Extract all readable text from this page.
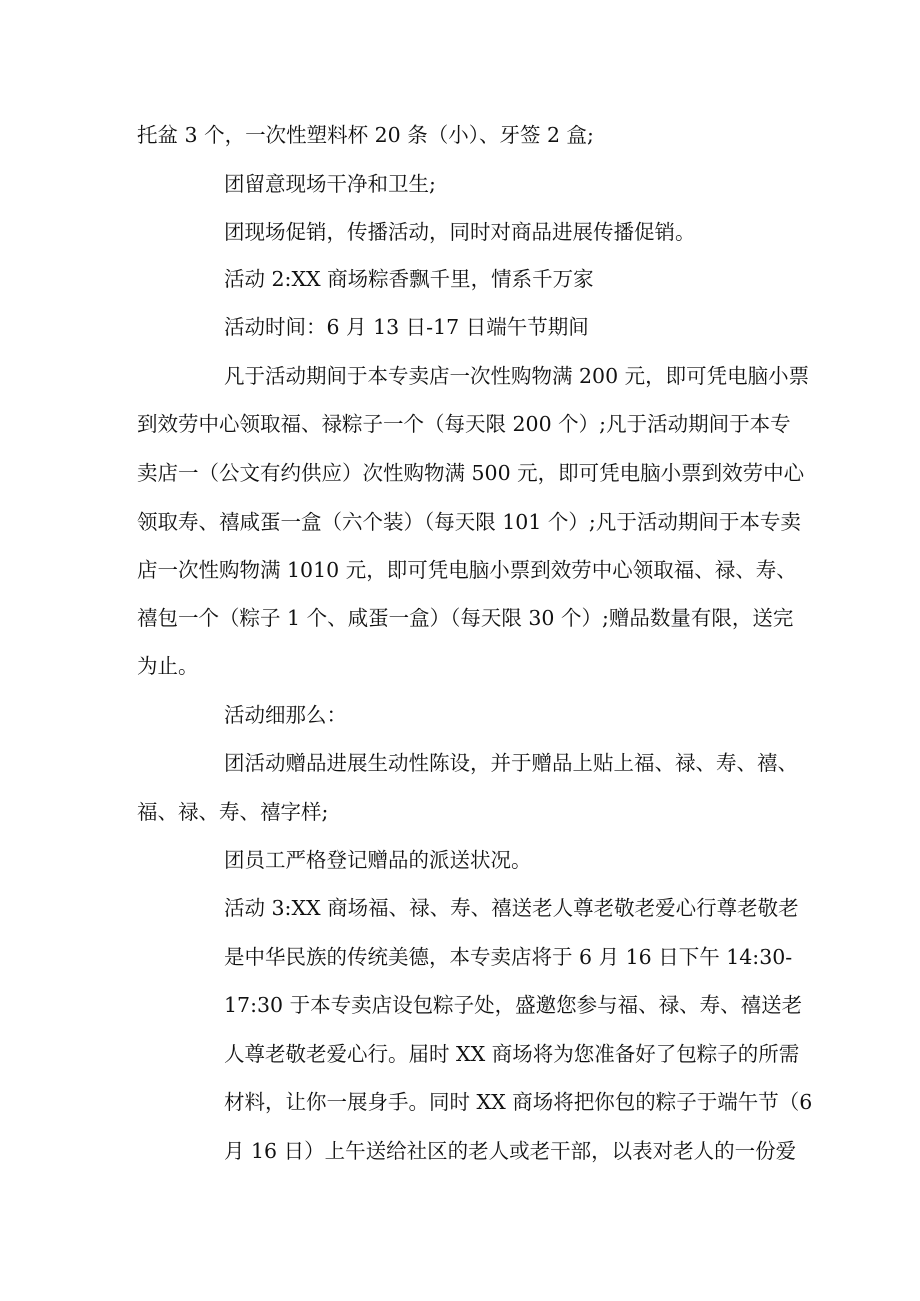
托盆 3 个，一次性塑料杯 20 条（小）、牙签 2 盒;
团留意现场干净和卫生;
团现场促销，传播活动，同时对商品进展传播促销。
活动 2:XX 商场粽香飘千里，情系千万家
活动时间：6 月 13 日-17 日端午节期间
凡于活动期间于本专卖店一次性购物满 200 元，即可凭电脑小票
到效劳中心领取福、禄粽子一个（每天限 200 个）;凡于活动期间于本专
卖店一（公文有约供应）次性购物满 500 元，即可凭电脑小票到效劳中心
领取寿、禧咸蛋一盒（六个装）（每天限 101 个）;凡于活动期间于本专卖
店一次性购物满 1010 元，即可凭电脑小票到效劳中心领取福、禄、寿、
禧包一个（粽子 1 个、咸蛋一盒）（每天限 30 个）;赠品数量有限，送完
为止。
活动细那么：
团活动赠品进展生动性陈设，并于赠品上贴上福、禄、寿、禧、
福、禄、寿、禧字样;
团员工严格登记赠品的派送状况。
活动 3:XX 商场福、禄、寿、禧送老人尊老敬老爱心行尊老敬老
是中华民族的传统美德，本专卖店将于 6 月 16 日下午 14:30-
17:30 于本专卖店设包粽子处，盛邀您参与福、禄、寿、禧送老
人尊老敬老爱心行。届时 XX 商场将为您准备好了包粽子的所需
材料，让你一展身手。同时 XX 商场将把你包的粽子于端午节（6
月 16 日）上午送给社区的老人或老干部，以表对老人的一份爱
